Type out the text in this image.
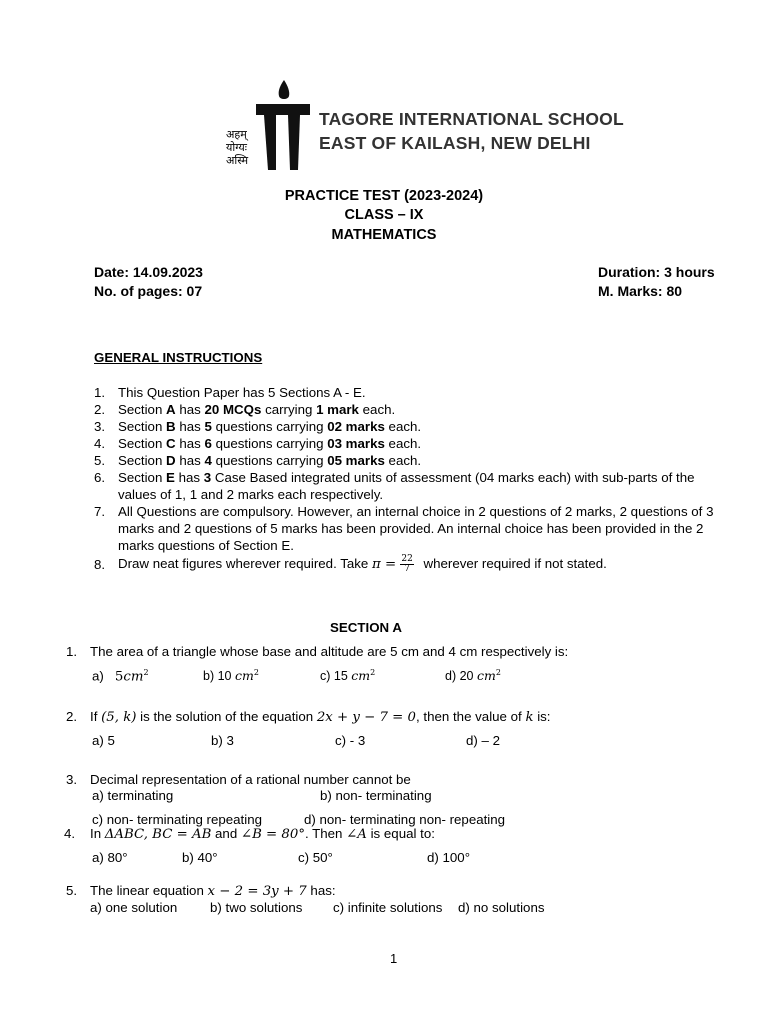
अहम्
योग्यः
अस्मि
TAGORE INTERNATIONAL SCHOOL
EAST OF KAILASH, NEW DELHI
PRACTICE TEST (2023-2024)
CLASS – IX
MATHEMATICS
Date: 14.09.2023
No. of pages: 07
Duration: 3 hours
M. Marks: 80
GENERAL INSTRUCTIONS
1. This Question Paper has 5 Sections A - E.
2. Section A has 20 MCQs carrying 1 mark each.
3. Section B has 5 questions carrying 02 marks each.
4. Section C has 6 questions carrying 03 marks each.
5. Section D has 4 questions carrying 05 marks each.
6. Section E has 3 Case Based integrated units of assessment (04 marks each) with sub-parts of the values of 1, 1 and 2 marks each respectively.
7. All Questions are compulsory. However, an internal choice in 2 questions of 2 marks, 2 questions of 3 marks and 2 questions of 5 marks has been provided. An internal choice has been provided in the 2 marks questions of Section E.
8. Draw neat figures wherever required. Take $\pi = \frac{22}{7}$ wherever required if not stated.
SECTION A
1. The area of a triangle whose base and altitude are 5 cm and 4 cm respectively is:
a) $5cm^2$	b) 10 $cm^2$	c) 15 $cm^2$	d) 20 $cm^2$
2. If (5, k) is the solution of the equation 2x + y − 7 = 0, then the value of k is:
a) 5	b) 3	c) - 3	d) – 2
3. Decimal representation of a rational number cannot be
a) terminating	b) non- terminating
c) non- terminating repeating	d) non- terminating non- repeating
4. In ΔABC, BC = AB and ∠B = 80°. Then ∠A is equal to:
a) 80°	b) 40°	c) 50°	d) 100°
5. The linear equation x − 2 = 3y + 7 has:
a) one solution b) two solutions c) infinite solutions d) no solutions
1
